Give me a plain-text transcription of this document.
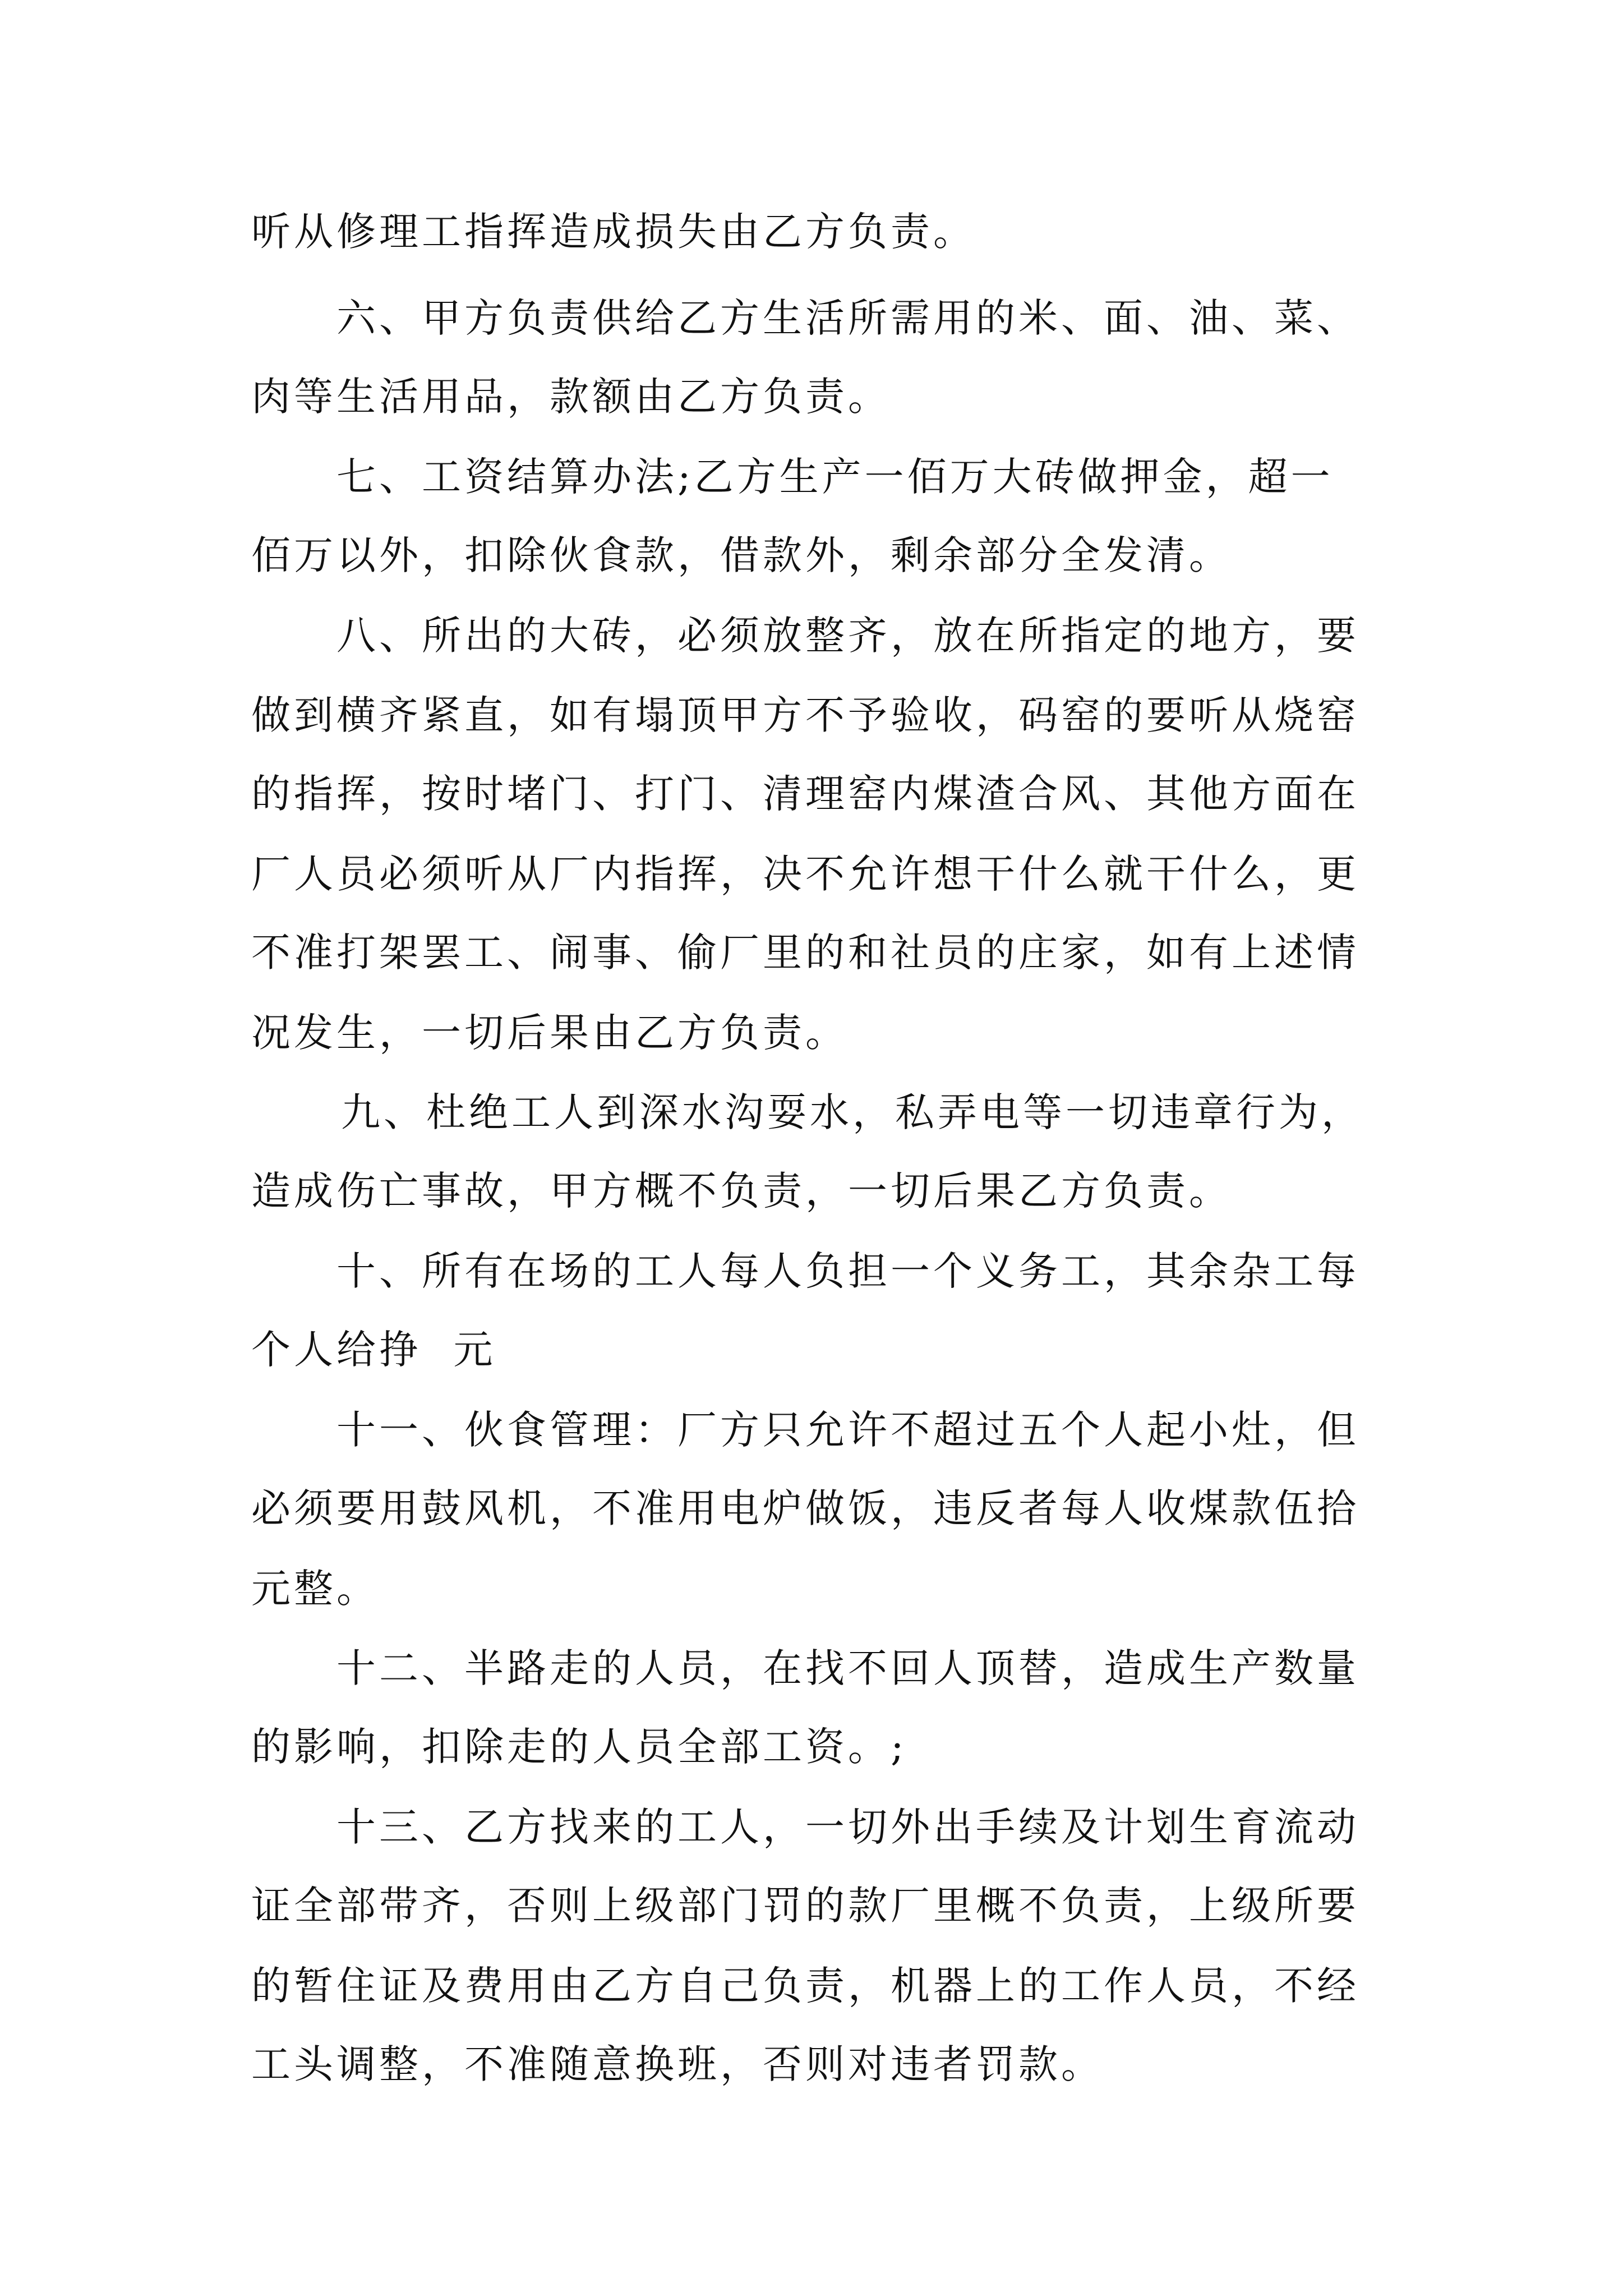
听从修理工指挥造成损失由乙方负责。

六、甲方负责供给乙方生活所需用的米、面、油、菜、

肉等生活用品，款额由乙方负责。

七、工资结算办法;乙方生产一佰万大砖做押金，超一

佰万以外，扣除伙食款，借款外，剩余部分全发清。

八、所出的大砖，必须放整齐，放在所指定的地方，要

做到横齐紧直，如有塌顶甲方不予验收，码窑的要听从烧窑

的指挥，按时堵门、打门、清理窑内煤渣合风、其他方面在

厂人员必须听从厂内指挥，决不允许想干什么就干什么，更

不准打架罢工、闹事、偷厂里的和社员的庄家，如有上述情

况发生，一切后果由乙方负责。

九、杜绝工人到深水沟耍水，私弄电等一切违章行为，

造成伤亡事故，甲方概不负责，一切后果乙方负责。

十、所有在场的工人每人负担一个义务工，其余杂工每

个人给挣  元

十一、伙食管理：厂方只允许不超过五个人起小灶，但

必须要用鼓风机，不准用电炉做饭，违反者每人收煤款伍拾

元整。

十二、半路走的人员，在找不回人顶替，造成生产数量

的影响，扣除走的人员全部工资。;

十三、乙方找来的工人，一切外出手续及计划生育流动

证全部带齐，否则上级部门罚的款厂里概不负责，上级所要

的暂住证及费用由乙方自己负责，机器上的工作人员，不经

工头调整，不准随意换班，否则对违者罚款。
